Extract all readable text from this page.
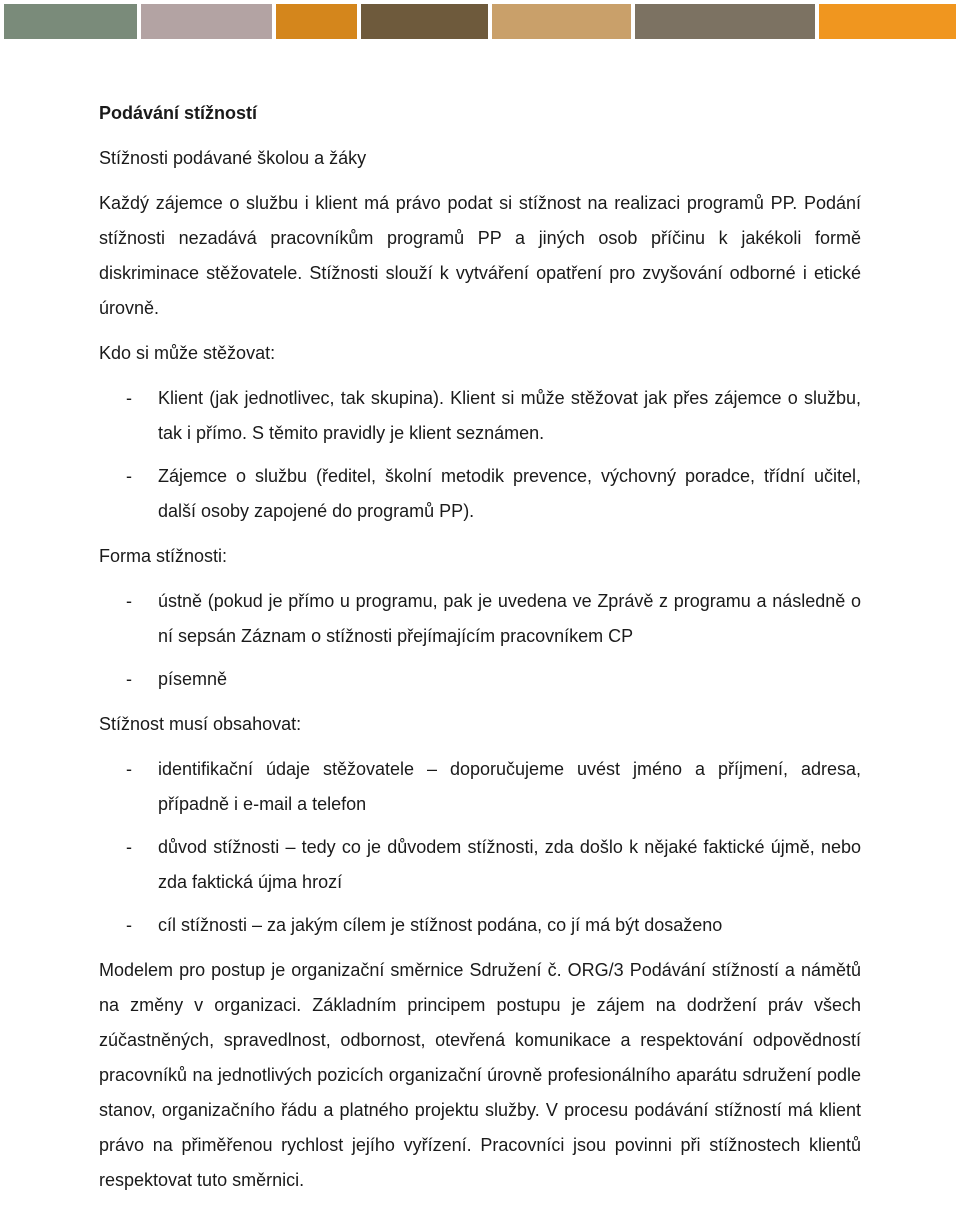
Podávání stížností

Stížnosti podávané školou a žáky

Každý zájemce o službu i klient má právo podat si stížnost na realizaci programů PP. Podání stížnosti nezadává pracovníkům programů PP a jiných osob příčinu k jakékoli formě diskriminace stěžovatele. Stížnosti slouží k vytváření opatření pro zvyšování odborné i etické úrovně.

Kdo si může stěžovat:

- Klient (jak jednotlivec, tak skupina). Klient si může stěžovat jak přes zájemce o službu, tak i přímo. S těmito pravidly je klient seznámen.
- Zájemce o službu (ředitel, školní metodik prevence, výchovný poradce, třídní učitel, další osoby zapojené do programů PP).

Forma stížnosti:

- ústně (pokud je přímo u programu, pak je uvedena ve Zprávě z programu a následně o ní sepsán Záznam o stížnosti přejímajícím pracovníkem CP
- písemně

Stížnost musí obsahovat:

- identifikační údaje stěžovatele – doporučujeme uvést jméno a příjmení, adresa, případně i e-mail a telefon
- důvod stížnosti – tedy co je důvodem stížnosti, zda došlo k nějaké faktické újmě, nebo zda faktická újma hrozí
- cíl stížnosti – za jakým cílem je stížnost podána, co jí má být dosaženo

Modelem pro postup je organizační směrnice Sdružení č. ORG/3 Podávání stížností a námětů na změny v organizaci. Základním principem postupu je zájem na dodržení práv všech zúčastněných, spravedlnost, odbornost, otevřená komunikace a respektování odpovědností pracovníků na jednotlivých pozicích organizační úrovně profesionálního aparátu sdružení podle stanov, organizačního řádu a platného projektu služby. V procesu podávání stížností má klient právo na přiměřenou rychlost jejího vyřízení. Pracovníci jsou povinni při stížnostech klientů respektovat tuto směrnici.
